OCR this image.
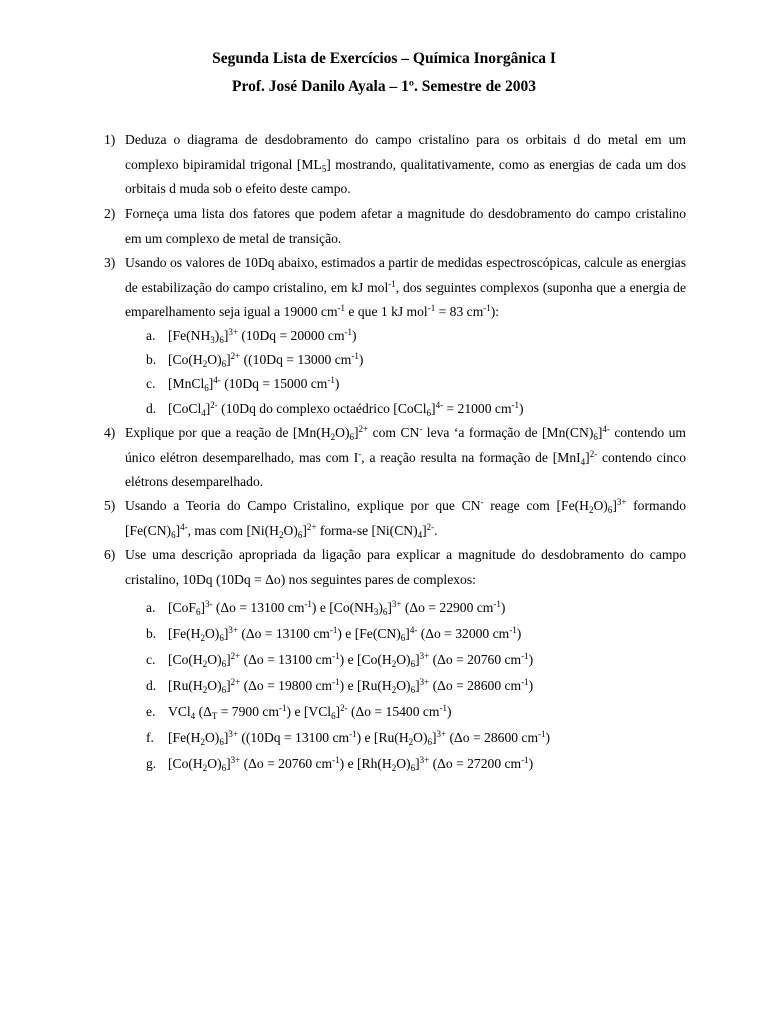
Segunda Lista de Exercícios – Química Inorgânica I
Prof. José Danilo Ayala – 1º. Semestre de 2003
1) Deduza o diagrama de desdobramento do campo cristalino para os orbitais d do metal em um complexo bipiramidal trigonal $[ML_5]$ mostrando, qualitativamente, como as energias de cada um dos orbitais d muda sob o efeito deste campo.
2) Forneça uma lista dos fatores que podem afetar a magnitude do desdobramento do campo cristalino em um complexo de metal de transição.
3) Usando os valores de 10Dq abaixo, estimados a partir de medidas espectroscópicas, calcule as energias de estabilização do campo cristalino, em kJ mol$^{-1}$, dos seguintes complexos (suponha que a energia de emparelhamento seja igual a 19000 $cm^{-1}$ e que 1 kJ mol$^{-1}$ = 83 $cm^{-1}$):
a. $[Fe(NH_3)_6]^{3+}$ (10Dq = 20000 $cm^{-1}$)
b. $[Co(H_2O)_6]^{2+}$ ((10Dq = 13000 $cm^{-1}$)
c. [MnCl$_6$]$^{4-}$ (10Dq = 15000 $cm^{-1}$)
d. [CoCl$_4$]$^{2-}$ (10Dq do complexo octaédrico [CoCl$_6$]$^{4-}$ = 21000 $cm^{-1}$)
4) Explique por que a reação de $[Mn(H_2O)_6]^{2+}$ com CN- leva ‘a formação de $[Mn(CN)_6]^{4-}$ contendo um único elétron desemparelhado, mas com I-, a reação resulta na formação de $[MnI_4]^{2-}$ contendo cinco elétrons desemparelhado.
5) Usando a Teoria do Campo Cristalino, explique por que CN- reage com $[Fe(H_2O)_6]^{3+}$ formando $[Fe(CN)_6]^{4-}$, mas com $[Ni(H_2O)_6]^{2+}$ forma-se $[Ni(CN)_4]^{2-}$.
6) Use uma descrição apropriada da ligação para explicar a magnitude do desdobramento do campo cristalino, 10Dq (10Dq = Δo) nos seguintes pares de complexos:
a. $[CoF_6]^{3-}$ (Δo = 13100 $cm^{-1}$) e $[Co(NH_3)_6]^{3+}$ (Δo = 22900 $cm^{-1}$)
b. $[Fe(H_2O)_6]^{3+}$ (Δo = 13100 $cm^{-1}$) e $[Fe(CN)_6]^{4-}$ (Δo = 32000 $cm^{-1}$)
c. $[Co(H_2O)_6]^{2+}$ (Δo = 13100 $cm^{-1}$) e $[Co(H_2O)_6]^{3+}$ (Δo = 20760 $cm^{-1}$)
d. $[Ru(H_2O)_6]^{2+}$ (Δo = 19800 $cm^{-1}$) e $[Ru(H_2O)_6]^{3+}$ (Δo = 28600 $cm^{-1}$)
e. VCl$_4$ ($\Delta_T = 7900$ $cm^{-1}$) e $[VCl_6]^{2-}$ (Δo = 15400 $cm^{-1}$)
f. $[Fe(H_2O)_6]^{3+}$ ((10Dq = 13100 $cm^{-1}$) e $[Ru(H_2O)_6]^{3+}$ (Δo = 28600 $cm^{-1}$)
g. $[Co(H_2O)_6]^{3+}$ (Δo = 20760 $cm^{-1}$) e $[Rh(H_2O)_6]^{3+}$ (Δo = 27200 $cm^{-1}$)
